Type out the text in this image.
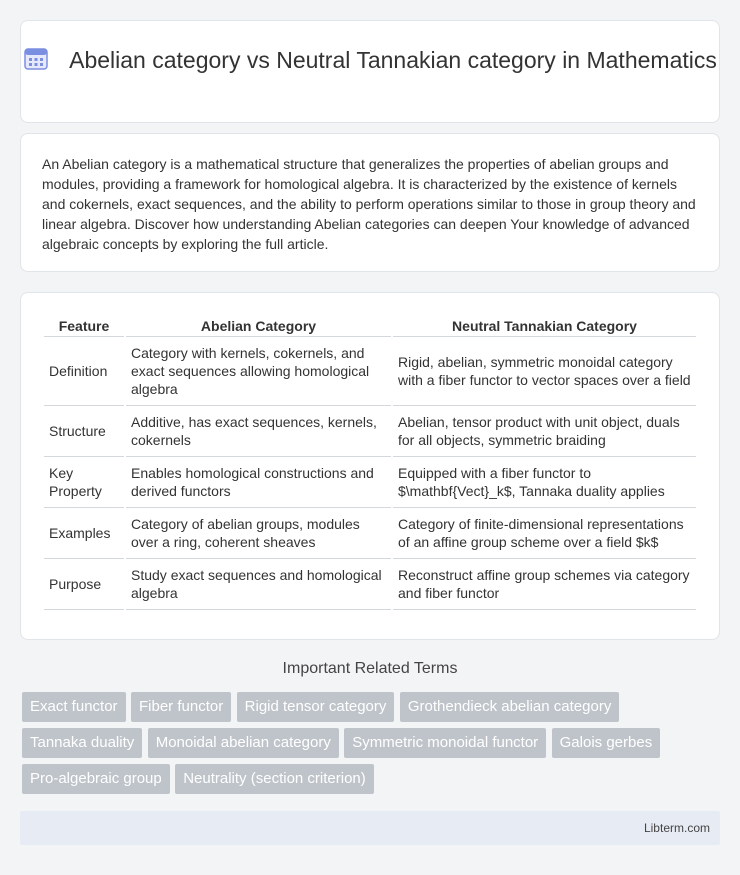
Abelian category vs Neutral Tannakian category in Mathematics

An Abelian category is a mathematical structure that generalizes the properties of abelian groups and modules, providing a framework for homological algebra. It is characterized by the existence of kernels and cokernels, exact sequences, and the ability to perform operations similar to those in group theory and linear algebra. Discover how understanding Abelian categories can deepen Your knowledge of advanced algebraic concepts by exploring the full article.

Feature	Abelian Category	Neutral Tannakian Category
Definition	Category with kernels, cokernels, and exact sequences allowing homological algebra	Rigid, abelian, symmetric monoidal category with a fiber functor to vector spaces over a field
Structure	Additive, has exact sequences, kernels, cokernels	Abelian, tensor product with unit object, duals for all objects, symmetric braiding
Key Property	Enables homological constructions and derived functors	Equipped with a fiber functor to $\mathbf{Vect}_k$, Tannaka duality applies
Examples	Category of abelian groups, modules over a ring, coherent sheaves	Category of finite-dimensional representations of an affine group scheme over a field $k$
Purpose	Study exact sequences and homological algebra	Reconstruct affine group schemes via category and fiber functor
Important Related Terms
Exact functor Fiber functor Rigid tensor category Grothendieck abelian category Tannaka duality Monoidal abelian category Symmetric monoidal functor Galois gerbes Pro-algebraic group Neutrality (section criterion)
Libterm.com
